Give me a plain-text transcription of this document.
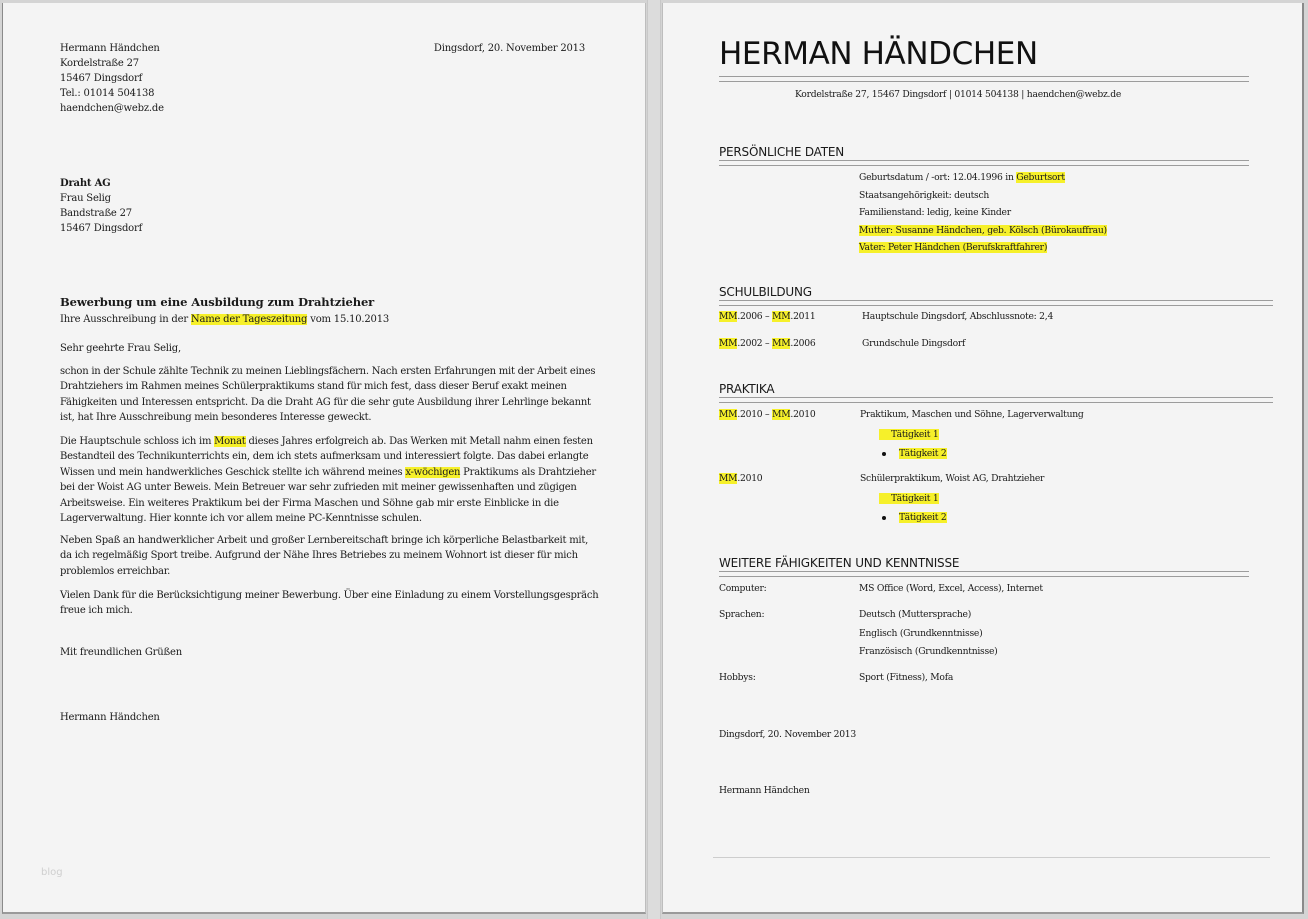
Hermann Händchen
Kordelstraße 27
15467 Dingsdorf
Tel.: 01014 504138
haendchen@webz.de
Dingsdorf, 20. November 2013
Draht AG
Frau Selig
Bandstraße 27
15467 Dingsdorf
Bewerbung um eine Ausbildung zum Drahtzieher
Ihre Ausschreibung in der Name der Tageszeitung vom 15.10.2013
Sehr geehrte Frau Selig,
schon in der Schule zählte Technik zu meinen Lieblingsfächern. Nach ersten Erfahrungen mit der Arbeit eines Drahtziehers im Rahmen meines Schülerpraktikums stand für mich fest, dass dieser Beruf exakt meinen Fähigkeiten und Interessen entspricht. Da die Draht AG für die sehr gute Ausbildung ihrer Lehrlinge bekannt ist, hat Ihre Ausschreibung mein besonderes Interesse geweckt.
Die Hauptschule schloss ich im Monat dieses Jahres erfolgreich ab. Das Werken mit Metall nahm einen festen Bestandteil des Technikunterrichts ein, dem ich stets aufmerksam und interessiert folgte. Das dabei erlangte Wissen und mein handwerkliches Geschick stellte ich während meines x-wöchigen Praktikums als Drahtzieher bei der Woist AG unter Beweis. Mein Betreuer war sehr zufrieden mit meiner gewissenhaften und zügigen Arbeitsweise. Ein weiteres Praktikum bei der Firma Maschen und Söhne gab mir erste Einblicke in die Lagerverwaltung. Hier konnte ich vor allem meine PC-Kenntnisse schulen.
Neben Spaß an handwerklicher Arbeit und großer Lernbereitschaft bringe ich körperliche Belastbarkeit mit, da ich regelmäßig Sport treibe. Aufgrund der Nähe Ihres Betriebes zu meinem Wohnort ist dieser für mich problemlos erreichbar.
Vielen Dank für die Berücksichtigung meiner Bewerbung. Über eine Einladung zu einem Vorstellungsgespräch freue ich mich.
Mit freundlichen Grüßen
Hermann Händchen
blog
HERMAN HÄNDCHEN
Kordelstraße 27, 15467 Dingsdorf | 01014 504138 | haendchen@webz.de
PERSÖNLICHE DATEN
Geburtsdatum / -ort: 12.04.1996 in Geburtsort
Staatsangehörigkeit: deutsch
Familienstand: ledig, keine Kinder
Mutter: Susanne Händchen, geb. Kölsch (Bürokauffrau)
Vater: Peter Händchen (Berufskraftfahrer)
SCHULBILDUNG
MM.2006 – MM.2011	Hauptschule Dingsdorf, Abschlussnote: 2,4
MM.2002 – MM.2006	Grundschule Dingsdorf
PRAKTIKA
MM.2010 – MM.2010	Praktikum, Maschen und Söhne, Lagerverwaltung
Tätigkeit 1
Tätigkeit 2
MM.2010	Schülerpraktikum, Woist AG, Drahtzieher
Tätigkeit 1
Tätigkeit 2
WEITERE FÄHIGKEITEN UND KENNTNISSE
Computer:	MS Office (Word, Excel, Access), Internet
Sprachen:	Deutsch (Muttersprache)
Englisch (Grundkenntnisse)
Französisch (Grundkenntnisse)
Hobbys:	Sport (Fitness), Mofa
Dingsdorf, 20. November 2013
Hermann Händchen
